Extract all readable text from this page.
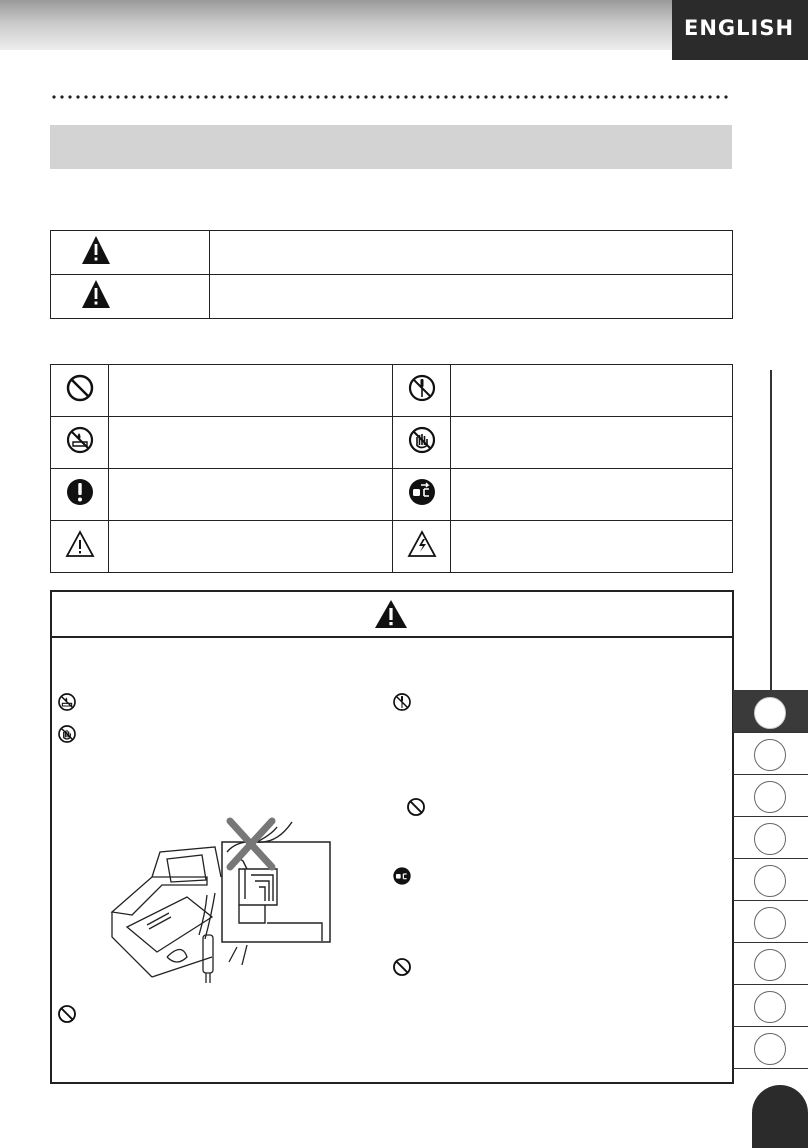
ENGLISH
